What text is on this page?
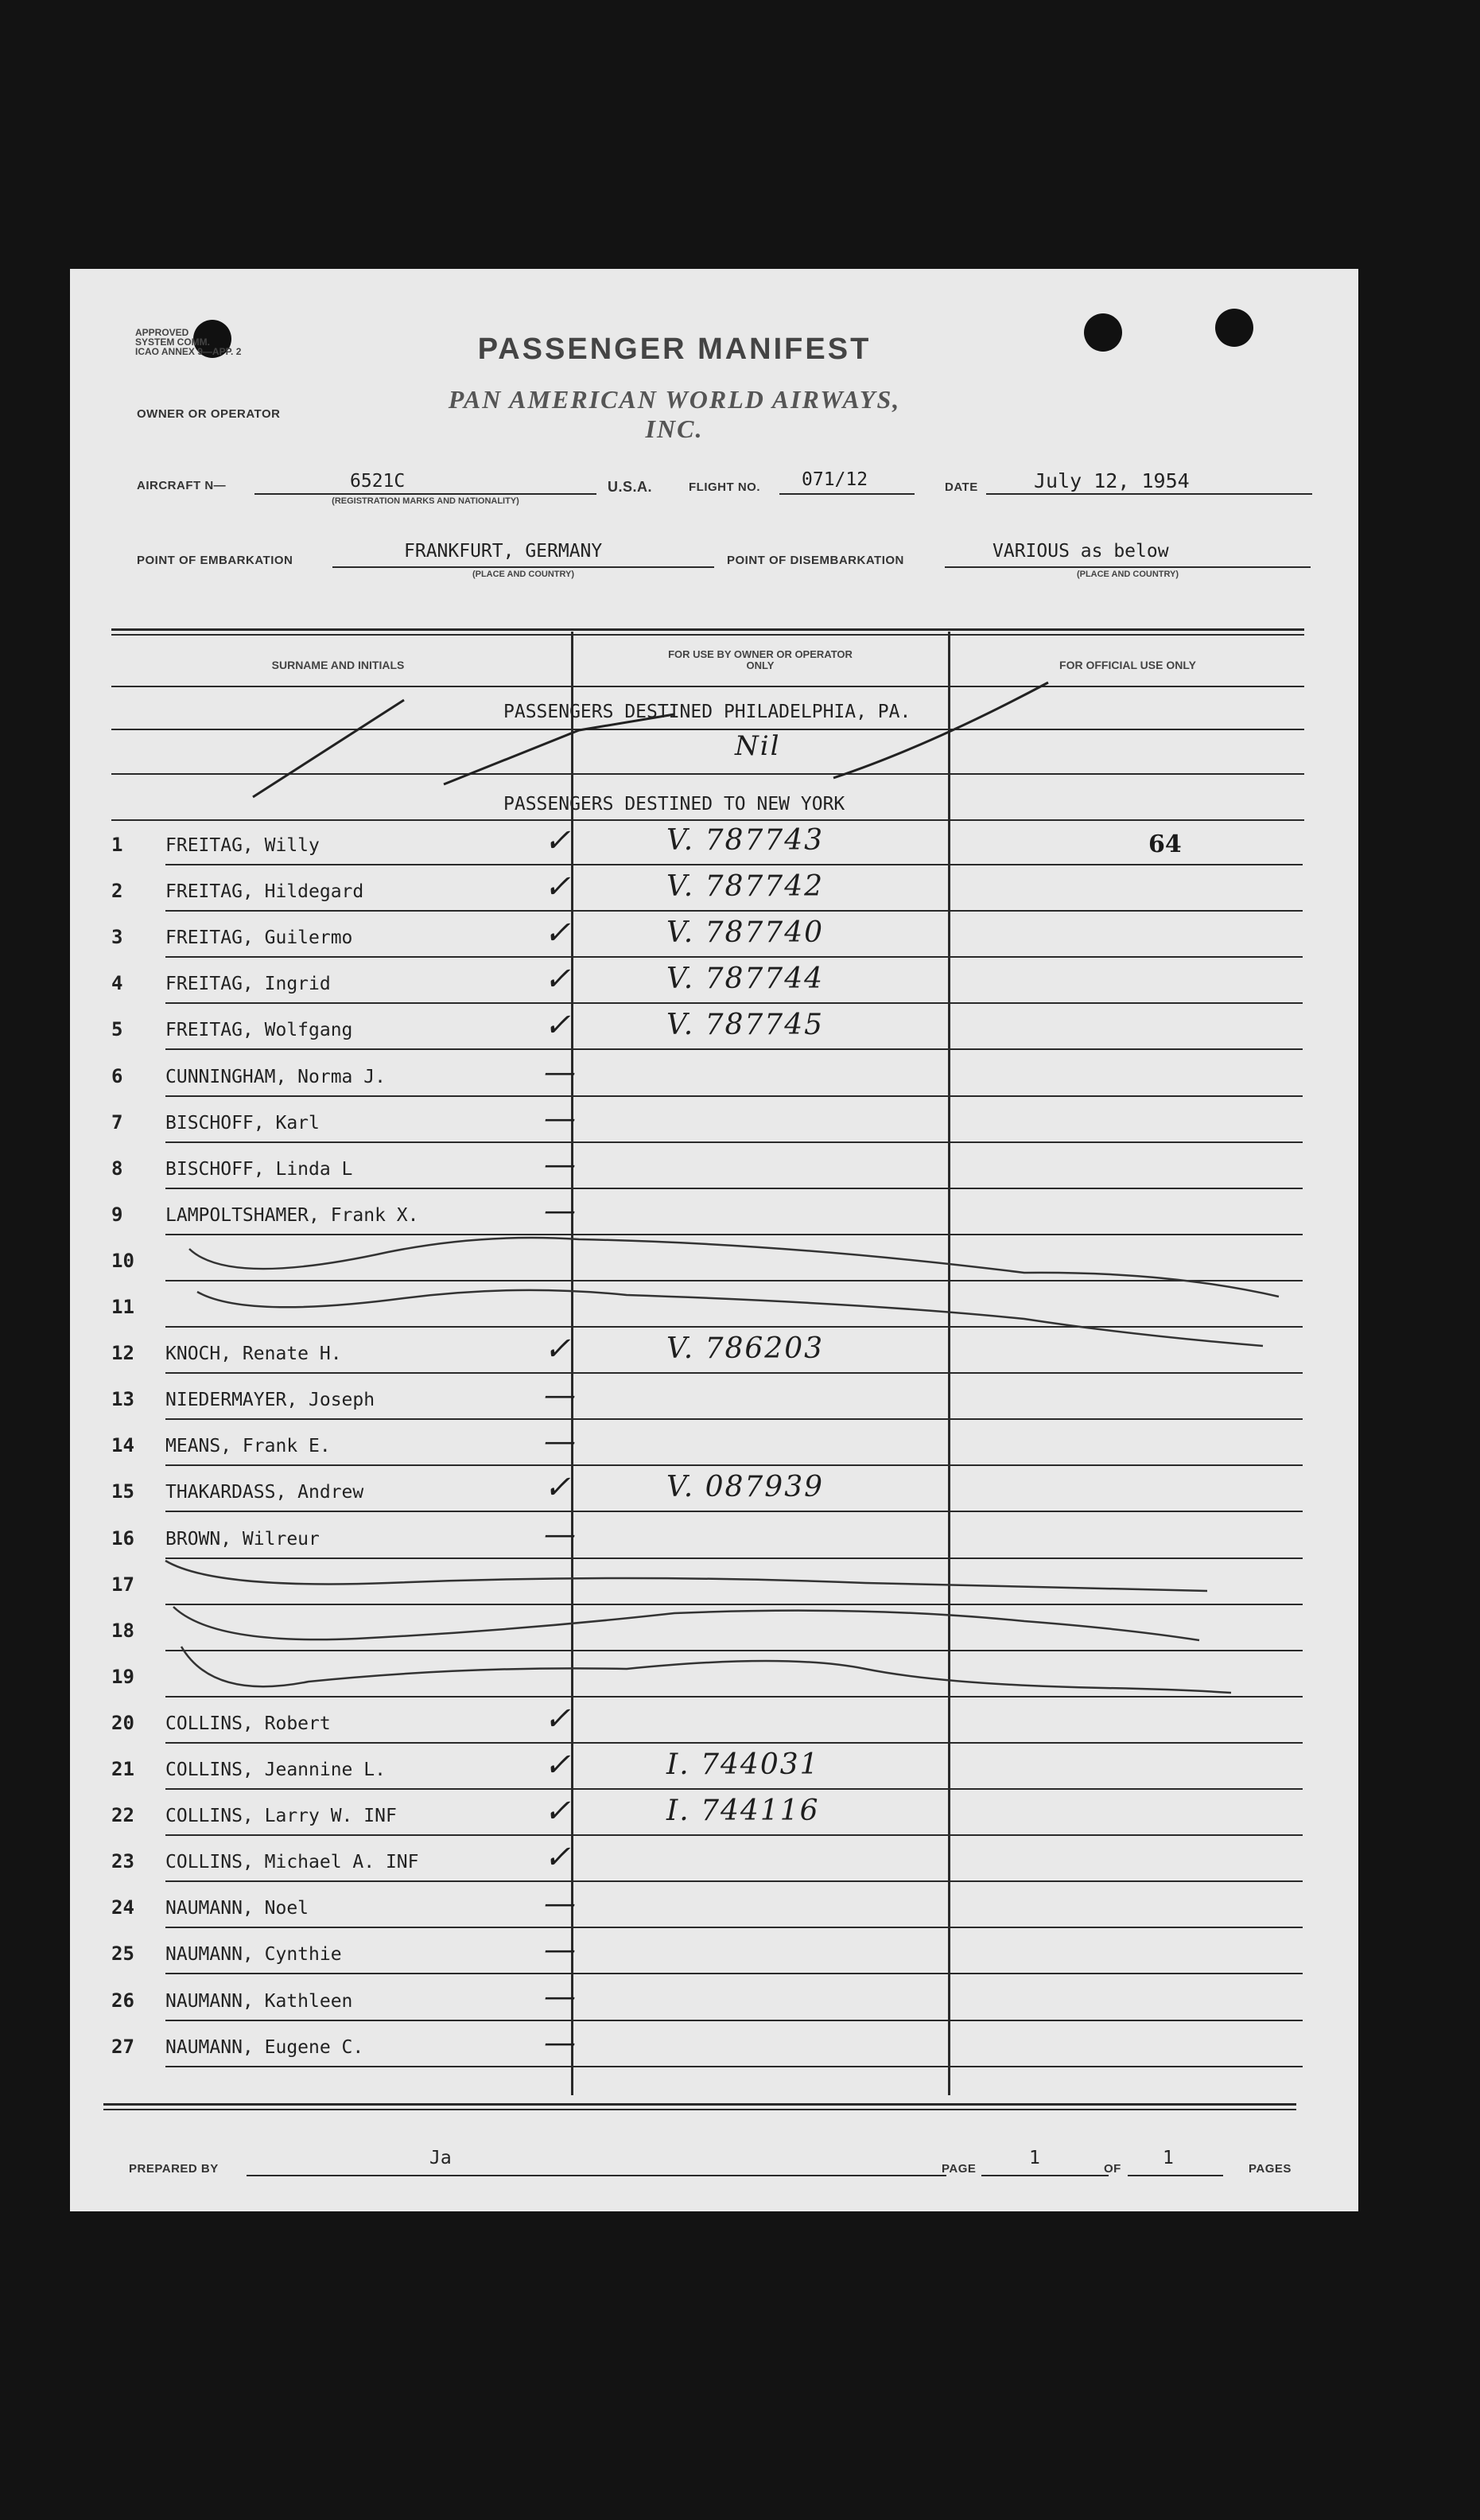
APPROVED
SYSTEM COMM.
ICAO ANNEX 9—APP. 2	PASSENGER MANIFEST
PAN AMERICAN WORLD AIRWAYS, INC.
OWNER OR OPERATOR
AIRCRAFT N—	6521C
(REGISTRATION MARKS AND NATIONALITY)
U.S.A.	FLIGHT NO. 071/12	DATE	July 12, 1954
POINT OF EMBARKATION	FRANKFURT, GERMANY
(PLACE AND COUNTRY)
POINT OF DISEMBARKATION	VARIOUS as below
(PLACE AND COUNTRY)
SURNAME AND INITIALS
FOR USE BY OWNER OR OPERATOR ONLY	FOR OFFICIAL USE ONLY
PASSENGERS DESTINED PHILADELPHIA, PA.
Nil
PASSENGERS DESTINED TO NEW YORK
1	FREITAG, Willy	✓	V. 787743	64
2	FREITAG, Hildegard	✓	V. 787742
3	FREITAG, Guilermo	✓	V. 787740
4	FREITAG, Ingrid	✓	V. 787744
5	FREITAG, Wolfgang	✓	V. 787745
6	CUNNINGHAM, Norma J.	—
7	BISCHOFF, Karl	—
8	BISCHOFF, Linda L	—
9	LAMPOLTSHAMER, Frank X.	—
10
11
12	KNOCH, Renate H.	✓	V. 786203
13	NIEDERMAYER, Joseph	—
14	MEANS, Frank E.	—
15	THAKARDASS, Andrew	✓	V. 087939
16	BROWN, Wilreur	—
17
18
19
20	COLLINS, Robert	✓
21	COLLINS, Jeannine L.	✓	I. 744031
22	COLLINS, Larry W. INF	✓	I. 744116
23	COLLINS, Michael A. INF	✓
24	NAUMANN, Noel	—
25	NAUMANN, Cynthie	—
26	NAUMANN, Kathleen	—
27	NAUMANN, Eugene C.	—
PREPARED BY
Ja
PAGE
1
OF
1
PAGES
